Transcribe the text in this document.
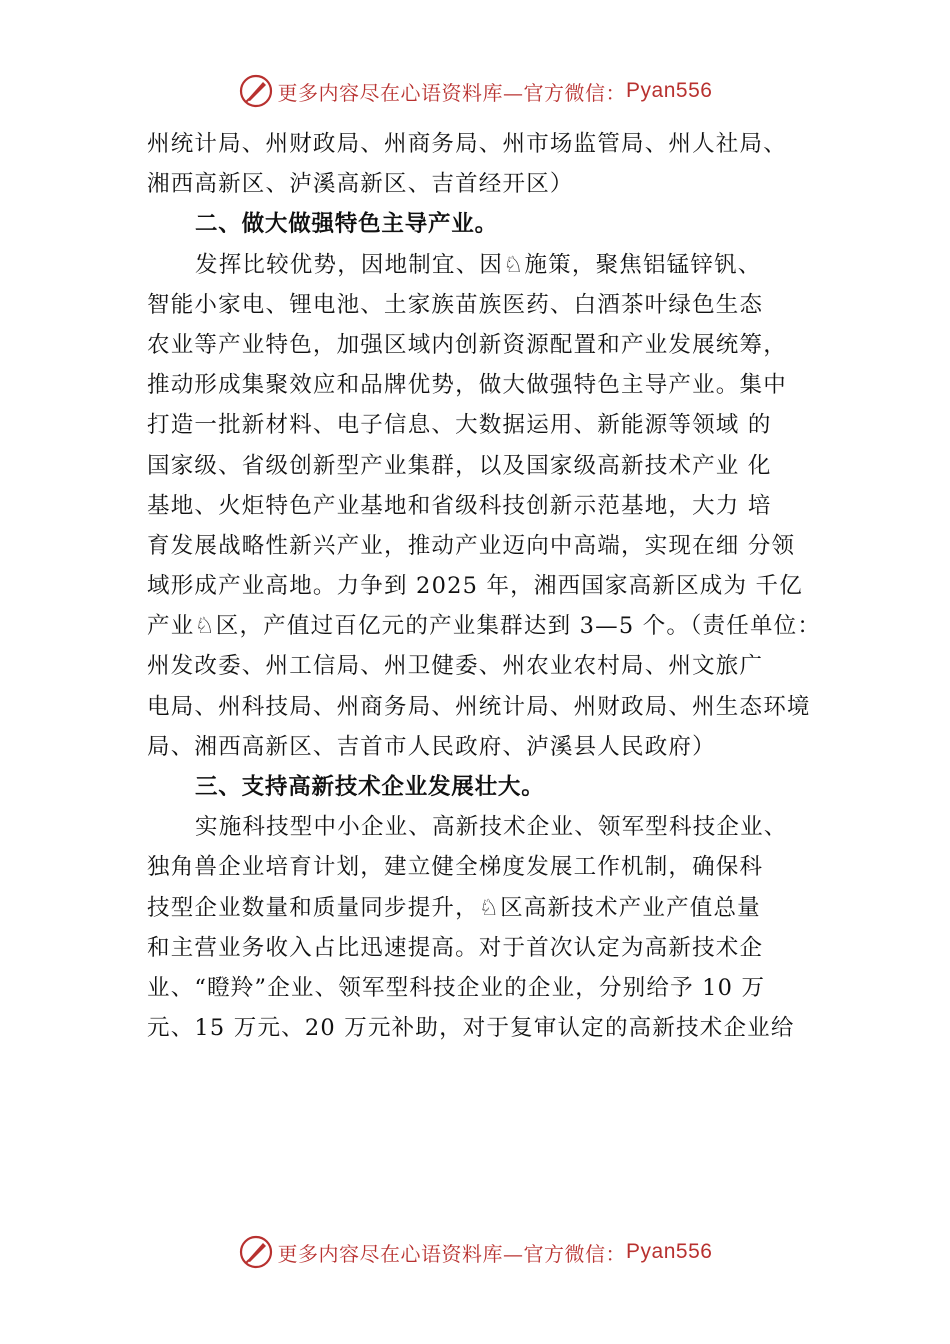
更多内容尽在心语资料库—官方微信： Pyan556
州统计局、州财政局、州商务局、州市场监管局、州人社局、
湘西高新区、泸溪高新区、吉首经开区）
二、做大做强特色主导产业。
发挥比较优势，因地制宜、因♘施策，聚焦铝锰锌钒、
智能小家电、锂电池、土家族苗族医药、白酒茶叶绿色生态
农业等产业特色，加强区域内创新资源配置和产业发展统筹，
推动形成集聚效应和品牌优势，做大做强特色主导产业。集中
打造一批新材料、电子信息、大数据运用、新能源等领域 的
国家级、省级创新型产业集群，以及国家级高新技术产业 化
基地、火炬特色产业基地和省级科技创新示范基地，大力 培
育发展战略性新兴产业，推动产业迈向中高端，实现在细 分领
域形成产业高地。力争到 2025 年，湘西国家高新区成为 千亿
产业♘区，产值过百亿元的产业集群达到 3—5 个。（责任单位：
州发改委、州工信局、州卫健委、州农业农村局、州文旅广
电局、州科技局、州商务局、州统计局、州财政局、州生态环境
局、湘西高新区、吉首市人民政府、泸溪县人民政府）
三、支持高新技术企业发展壮大。
实施科技型中小企业、高新技术企业、领军型科技企业、
独角兽企业培育计划，建立健全梯度发展工作机制，确保科
技型企业数量和质量同步提升，♘区高新技术产业产值总量
和主营业务收入占比迅速提高。对于首次认定为高新技术企
业、“瞪羚”企业、领军型科技企业的企业，分别给予 10 万
元、15 万元、20 万元补助，对于复审认定的高新技术企业给
更多内容尽在心语资料库—官方微信： Pyan556
